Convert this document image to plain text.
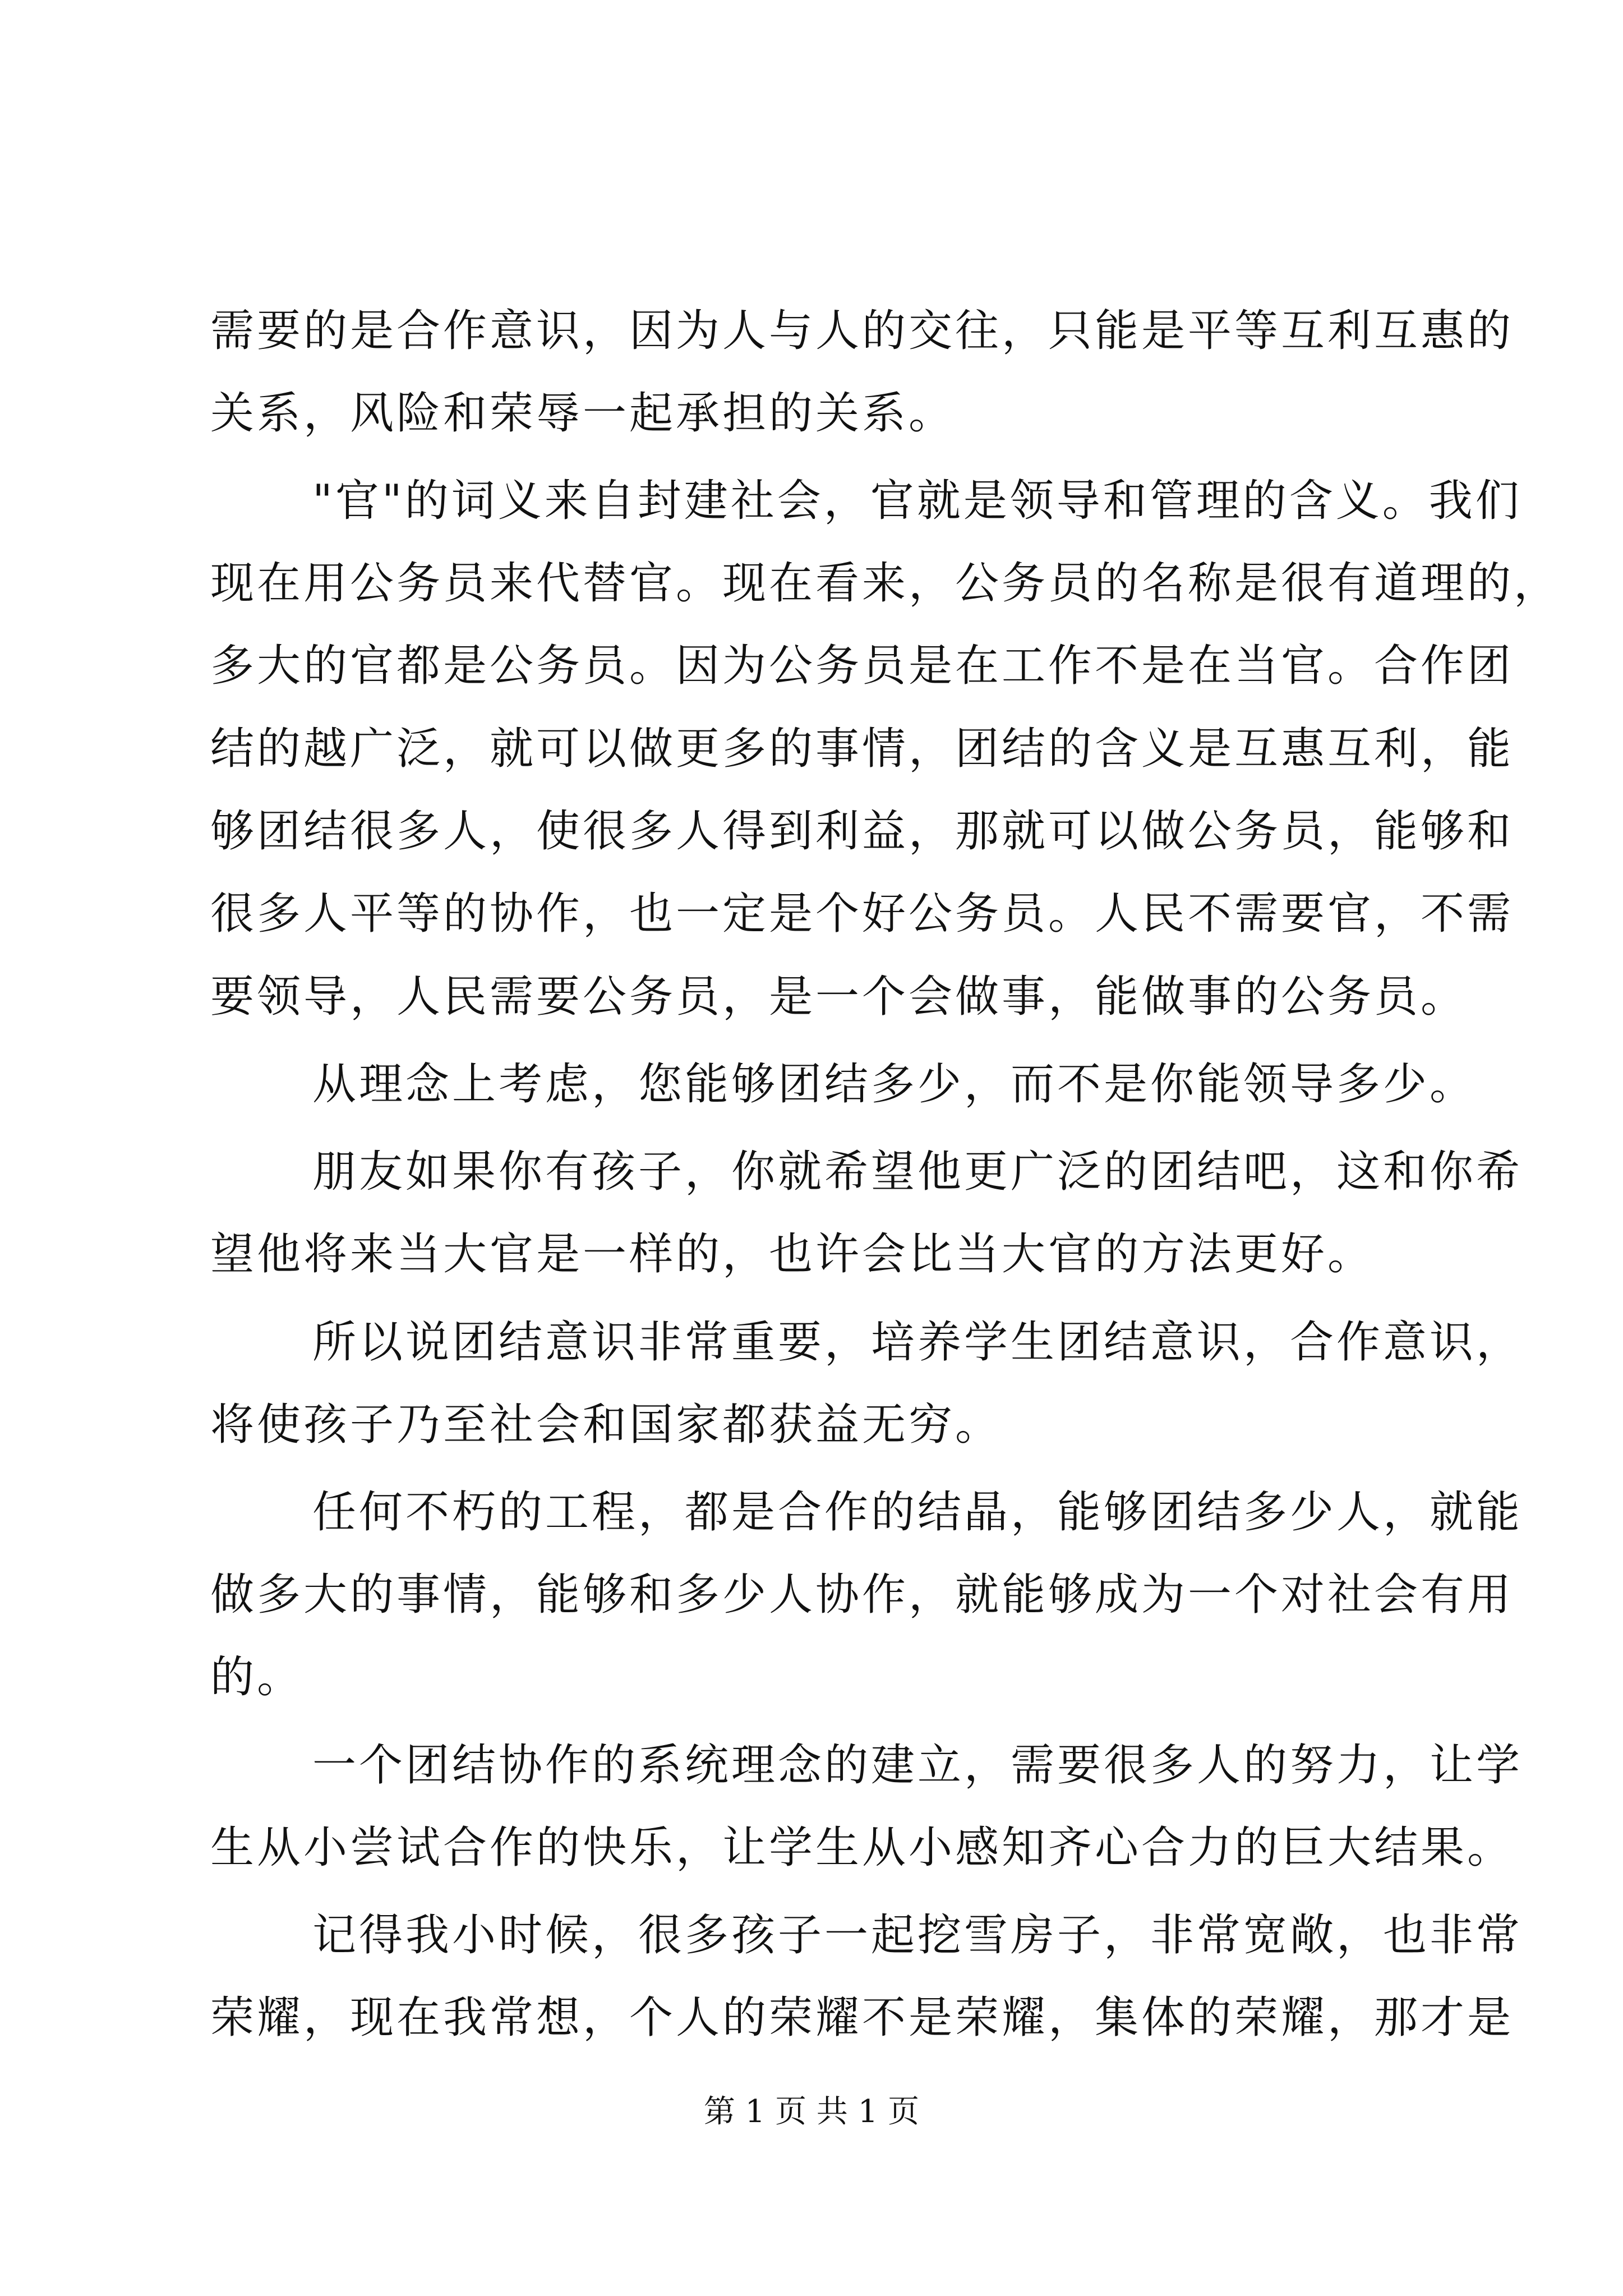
需要的是合作意识，因为人与人的交往，只能是平等互利互惠的
关系，风险和荣辱一起承担的关系。
"官"的词义来自封建社会，官就是领导和管理的含义。我们
现在用公务员来代替官。现在看来，公务员的名称是很有道理的，
多大的官都是公务员。因为公务员是在工作不是在当官。合作团
结的越广泛，就可以做更多的事情，团结的含义是互惠互利，能
够团结很多人，使很多人得到利益，那就可以做公务员，能够和
很多人平等的协作，也一定是个好公务员。人民不需要官，不需
要领导，人民需要公务员，是一个会做事，能做事的公务员。
从理念上考虑，您能够团结多少，而不是你能领导多少。
朋友如果你有孩子，你就希望他更广泛的团结吧，这和你希
望他将来当大官是一样的，也许会比当大官的方法更好。
所以说团结意识非常重要，培养学生团结意识，合作意识，
将使孩子乃至社会和国家都获益无穷。
任何不朽的工程，都是合作的结晶，能够团结多少人，就能
做多大的事情，能够和多少人协作，就能够成为一个对社会有用
的。
一个团结协作的系统理念的建立，需要很多人的努力，让学
生从小尝试合作的快乐，让学生从小感知齐心合力的巨大结果。
记得我小时候，很多孩子一起挖雪房子，非常宽敞，也非常
荣耀，现在我常想，个人的荣耀不是荣耀，集体的荣耀，那才是
第 1 页 共 1 页
